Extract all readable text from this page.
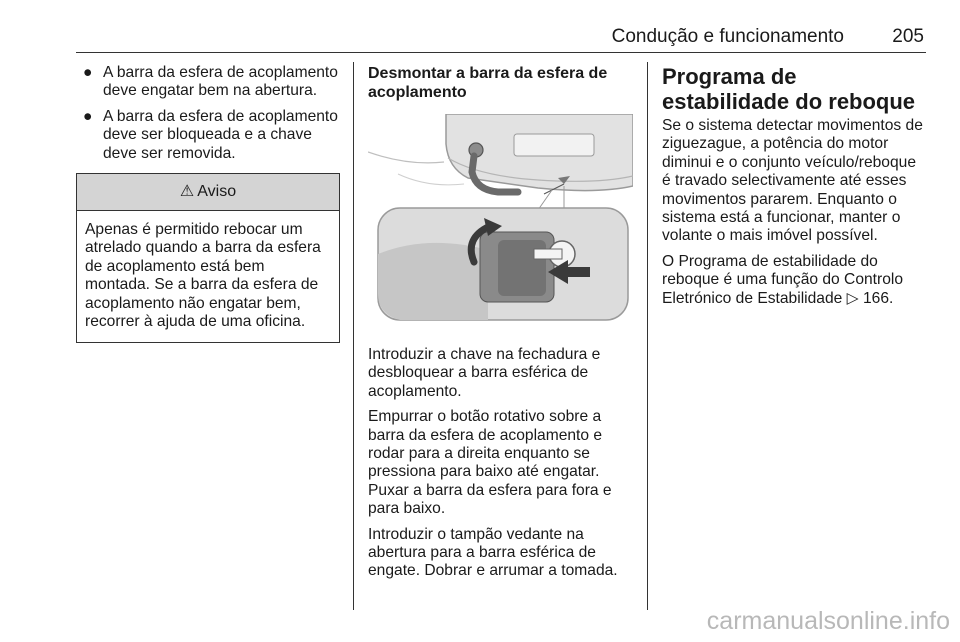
Condução e funcionamento	205
● A barra da esfera de acoplamento deve engatar bem na abertura.
● A barra da esfera de acoplamento deve ser bloqueada e a chave deve ser removida.
⚠ Aviso
Apenas é permitido rebocar um atrelado quando a barra da esfera de acoplamento está bem montada. Se a barra da esfera de acoplamento não engatar bem, recorrer à ajuda de uma oficina.
Desmontar a barra da esfera de acoplamento

Introduzir a chave na fechadura e desbloquear a barra esférica de acoplamento.

Empurrar o botão rotativo sobre a barra da esfera de acoplamento e rodar para a direita enquanto se pressiona para baixo até engatar. Puxar a barra da esfera para fora e para baixo.

Introduzir o tampão vedante na abertura para a barra esférica de engate. Dobrar e arrumar a tomada.

Programa de estabilidade do reboque

Se o sistema detectar movimentos de ziguezague, a potência do motor diminui e o conjunto veículo/reboque é travado selectivamente até esses movimentos pararem. Enquanto o sistema está a funcionar, manter o volante o mais imóvel possível.

O Programa de estabilidade do reboque é uma função do Controlo Eletrónico de Estabilidade ▷ 166.

carmanualsonline.info
